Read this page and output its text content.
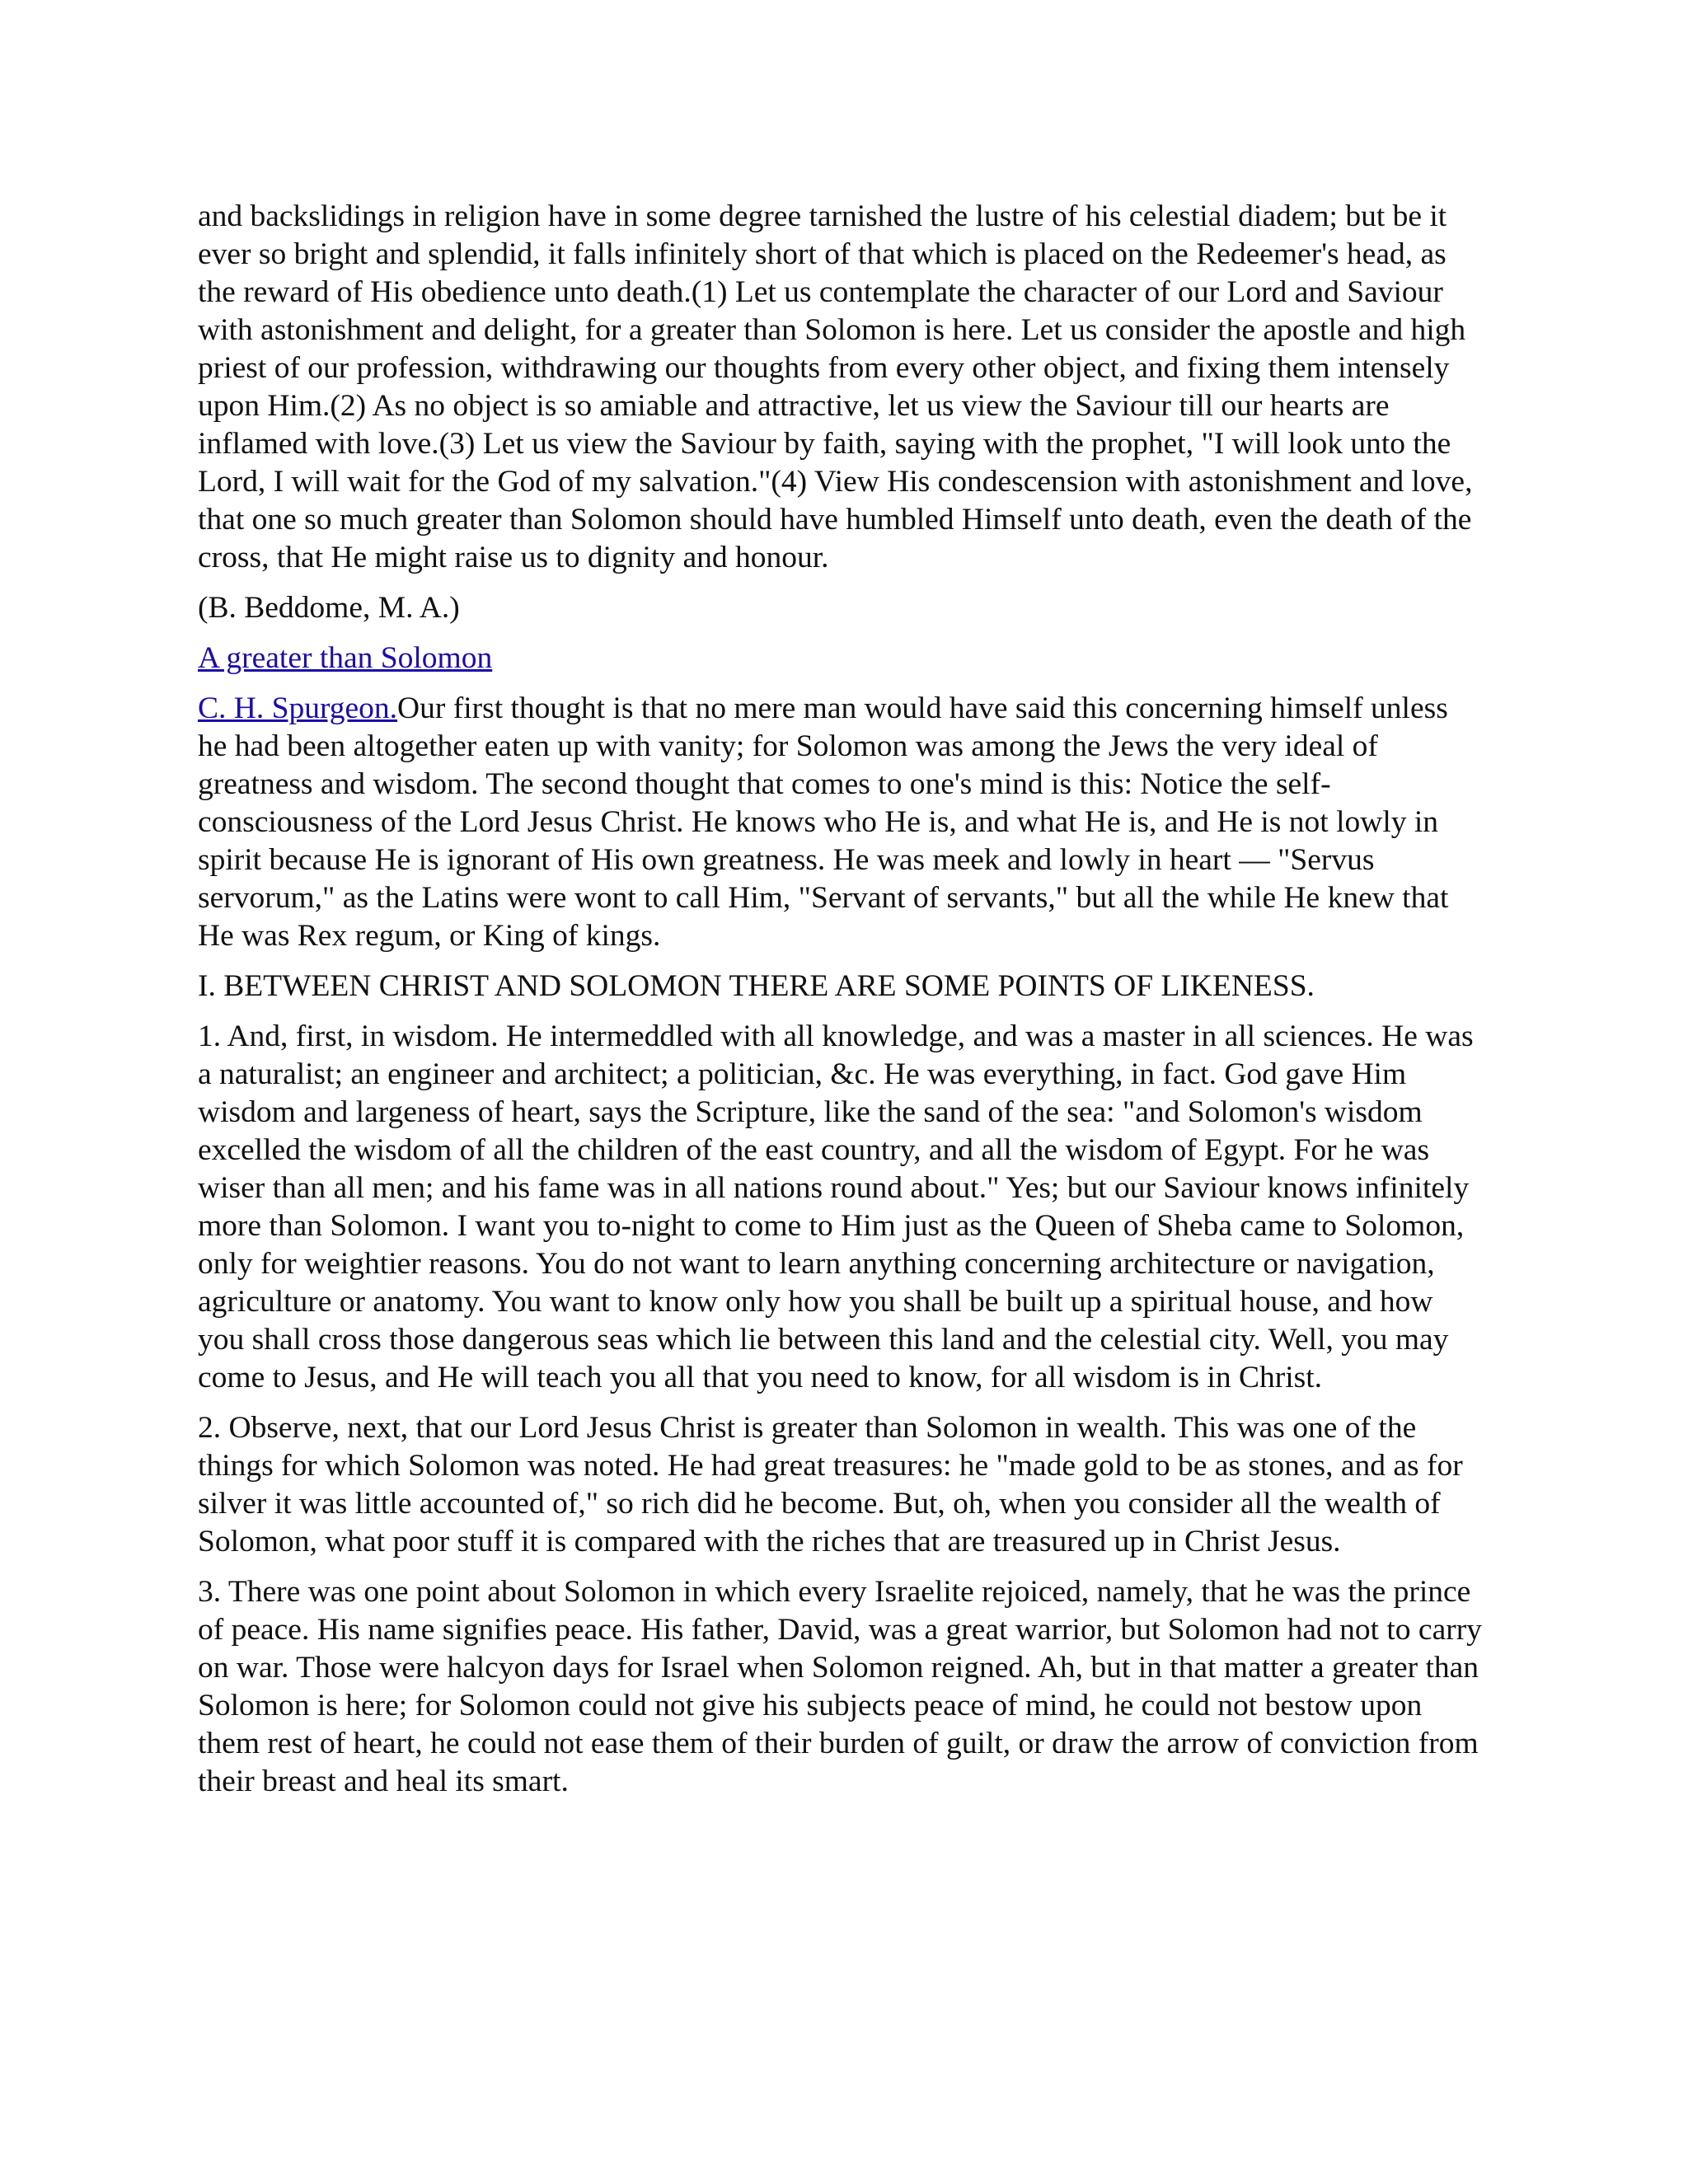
and backslidings in religion have in some degree tarnished the lustre of his celestial diadem; but be it ever so bright and splendid, it falls infinitely short of that which is placed on the Redeemer's head, as the reward of His obedience unto death.(1) Let us contemplate the character of our Lord and Saviour with astonishment and delight, for a greater than Solomon is here. Let us consider the apostle and high priest of our profession, withdrawing our thoughts from every other object, and fixing them intensely upon Him.(2) As no object is so amiable and attractive, let us view the Saviour till our hearts are inflamed with love.(3) Let us view the Saviour by faith, saying with the prophet, "I will look unto the Lord, I will wait for the God of my salvation."(4) View His condescension with astonishment and love, that one so much greater than Solomon should have humbled Himself unto death, even the death of the cross, that He might raise us to dignity and honour.

(B. Beddome, M. A.)

A greater than Solomon

C. H. Spurgeon.Our first thought is that no mere man would have said this concerning himself unless he had been altogether eaten up with vanity; for Solomon was among the Jews the very ideal of greatness and wisdom. The second thought that comes to one's mind is this: Notice the self-consciousness of the Lord Jesus Christ. He knows who He is, and what He is, and He is not lowly in spirit because He is ignorant of His own greatness. He was meek and lowly in heart — "Servus servorum," as the Latins were wont to call Him, "Servant of servants," but all the while He knew that He was Rex regum, or King of kings.

I. BETWEEN CHRIST AND SOLOMON THERE ARE SOME POINTS OF LIKENESS.

1. And, first, in wisdom. He intermeddled with all knowledge, and was a master in all sciences. He was a naturalist; an engineer and architect; a politician, &c. He was everything, in fact. God gave Him wisdom and largeness of heart, says the Scripture, like the sand of the sea: "and Solomon's wisdom excelled the wisdom of all the children of the east country, and all the wisdom of Egypt. For he was wiser than all men; and his fame was in all nations round about." Yes; but our Saviour knows infinitely more than Solomon. I want you to-night to come to Him just as the Queen of Sheba came to Solomon, only for weightier reasons. You do not want to learn anything concerning architecture or navigation, agriculture or anatomy. You want to know only how you shall be built up a spiritual house, and how you shall cross those dangerous seas which lie between this land and the celestial city. Well, you may come to Jesus, and He will teach you all that you need to know, for all wisdom is in Christ.

2. Observe, next, that our Lord Jesus Christ is greater than Solomon in wealth. This was one of the things for which Solomon was noted. He had great treasures: he "made gold to be as stones, and as for silver it was little accounted of," so rich did he become. But, oh, when you consider all the wealth of Solomon, what poor stuff it is compared with the riches that are treasured up in Christ Jesus.

3. There was one point about Solomon in which every Israelite rejoiced, namely, that he was the prince of peace. His name signifies peace. His father, David, was a great warrior, but Solomon had not to carry on war. Those were halcyon days for Israel when Solomon reigned. Ah, but in that matter a greater than Solomon is here; for Solomon could not give his subjects peace of mind, he could not bestow upon them rest of heart, he could not ease them of their burden of guilt, or draw the arrow of conviction from their breast and heal its smart.
